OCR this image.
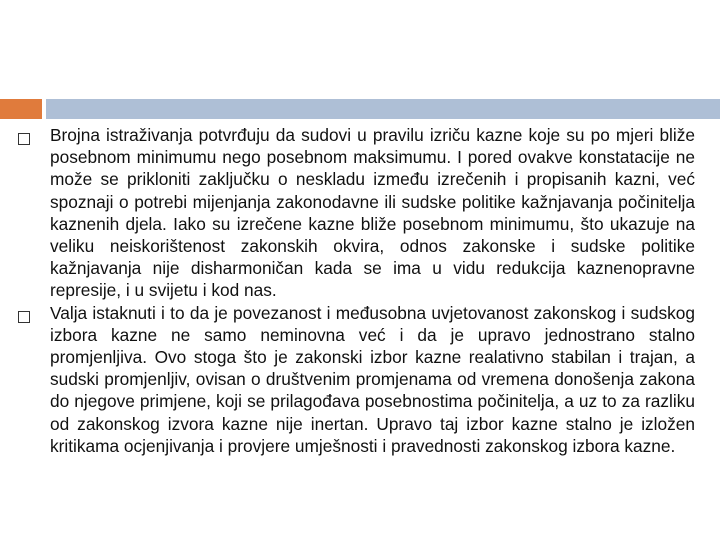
Brojna istraživanja potvrđuju da sudovi u pravilu izriču kazne koje su po mjeri bliže posebnom minimumu nego posebnom maksimumu. I pored ovakve konstatacije ne može se prikloniti zaključku o neskladu između izrečenih i propisanih kazni, već spoznaji o potrebi mijenjanja zakonodavne ili sudske politike kažnjavanja počinitelja kaznenih djela. Iako su izrečene kazne bliže posebnom minimumu, što ukazuje na veliku neiskorištenost zakonskih okvira, odnos zakonske i sudske politike kažnjavanja nije disharmoničan kada se ima u vidu redukcija kaznenopravne represije, i u svijetu i kod nas.
Valja istaknuti i to da je povezanost i međusobna uvjetovanost zakonskog i sudskog izbora kazne ne samo neminovna već i da je upravo jednostrano stalno promjenljiva. Ovo stoga što je zakonski izbor kazne realativno stabilan i trajan, a sudski promjenljiv, ovisan o društvenim promjenama od vremena donošenja zakona do njegove primjene, koji se prilagođava posebnostima počinitelja, a uz to za razliku od zakonskog izvora kazne nije inertan. Upravo taj izbor kazne stalno je izložen kritikama ocjenjivanja i provjere umješnosti i pravednosti zakonskog izbora kazne.
